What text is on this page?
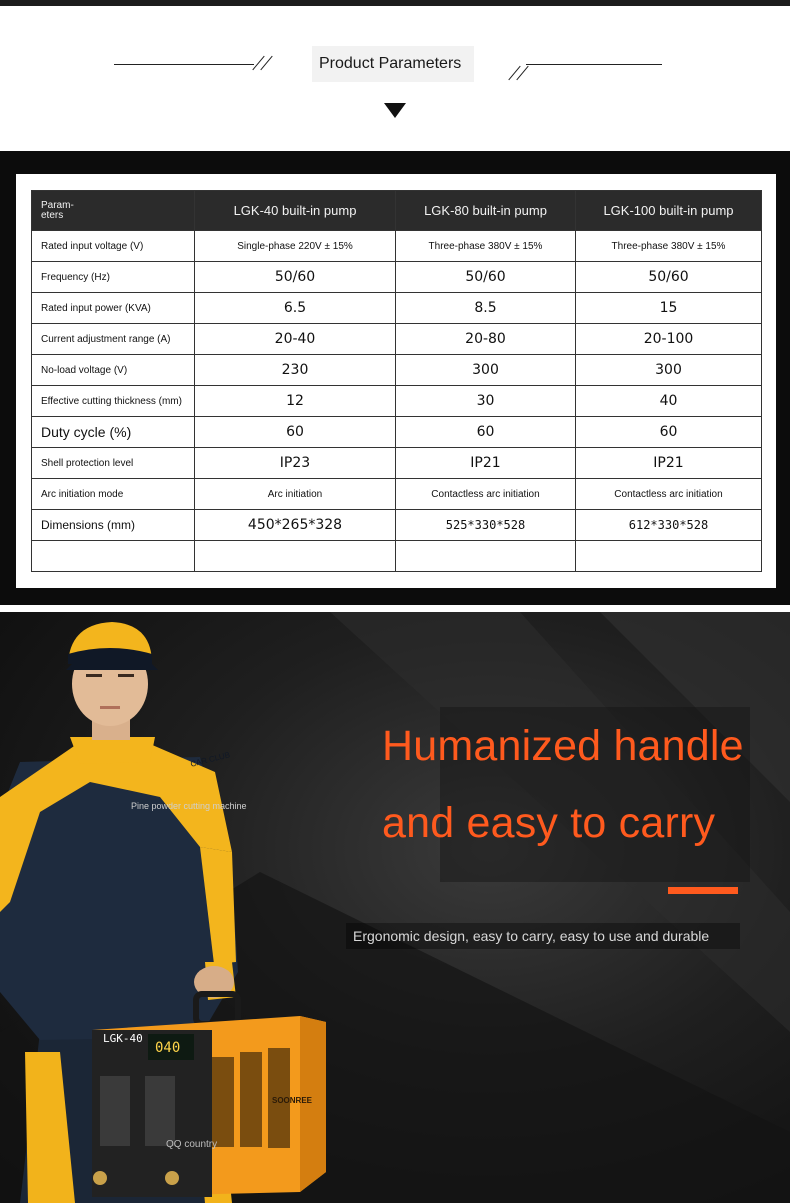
Product Parameters
Param-
eters	LGK-40 built-in pump	LGK-80 built-in pump	LGK-100 built-in pump
Rated input voltage (V)	Single-phase 220V ± 15%	Three-phase 380V ± 15%	Three-phase 380V ± 15%
Frequency (Hz)	50/60	50/60	50/60
Rated input power (KVA)	6.5	8.5	15
Current adjustment range (A)	20-40	20-80	20-100
No-load voltage (V)	230	300	300
Effective cutting thickness (mm)	12	30	40
Duty cycle (%)	60	60	60
Shell protection level	IP23	IP21	IP21
Arc initiation mode	Arc initiation	Contactless arc initiation	Contactless arc initiation
Dimensions (mm)	450*265*328	525*330*528	612*330*528

CAR CLUB
LGK-40
040
SOONREE
Pine powder cutting machine
QQ country
Humanized handle
and easy to carry
Ergonomic design, easy to carry, easy to use and durable
